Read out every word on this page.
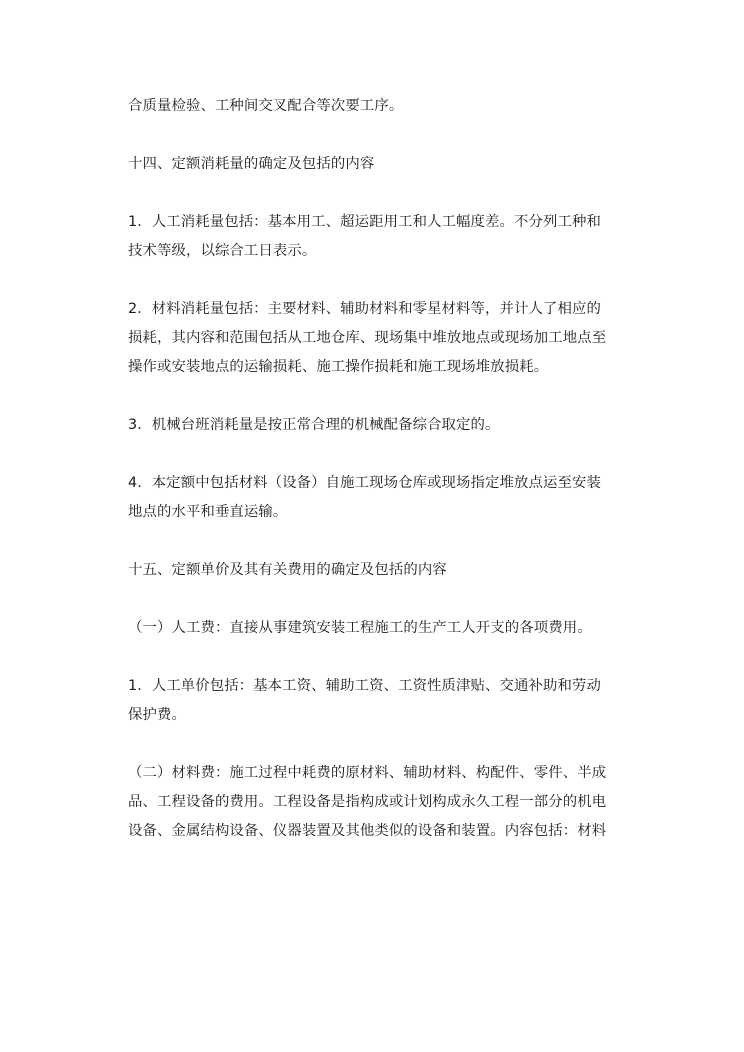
合质量检验、工种间交叉配合等次要工序。

十四、定额消耗量的确定及包括的内容

1．人工消耗量包括：基本用工、超运距用工和人工幅度差。不分列工种和
技术等级，以综合工日表示。

2．材料消耗量包括：主要材料、辅助材料和零星材料等，并计人了相应的
损耗，其内容和范围包括从工地仓库、现场集中堆放地点或现场加工地点至
操作或安装地点的运输损耗、施工操作损耗和施工现场堆放损耗。

3．机械台班消耗量是按正常合理的机械配备综合取定的。

4．本定额中包括材料（设备）自施工现场仓库或现场指定堆放点运至安装
地点的水平和垂直运输。

十五、定额单价及其有关费用的确定及包括的内容

（一）人工费：直接从事建筑安装工程施工的生产工人开支的各项费用。

1．人工单价包括：基本工资、辅助工资、工资性质津贴、交通补助和劳动
保护费。

（二）材料费：施工过程中耗费的原材料、辅助材料、构配件、零件、半成
品、工程设备的费用。工程设备是指构成或计划构成永久工程一部分的机电
设备、金属结构设备、仪器装置及其他类似的设备和装置。内容包括：材料
